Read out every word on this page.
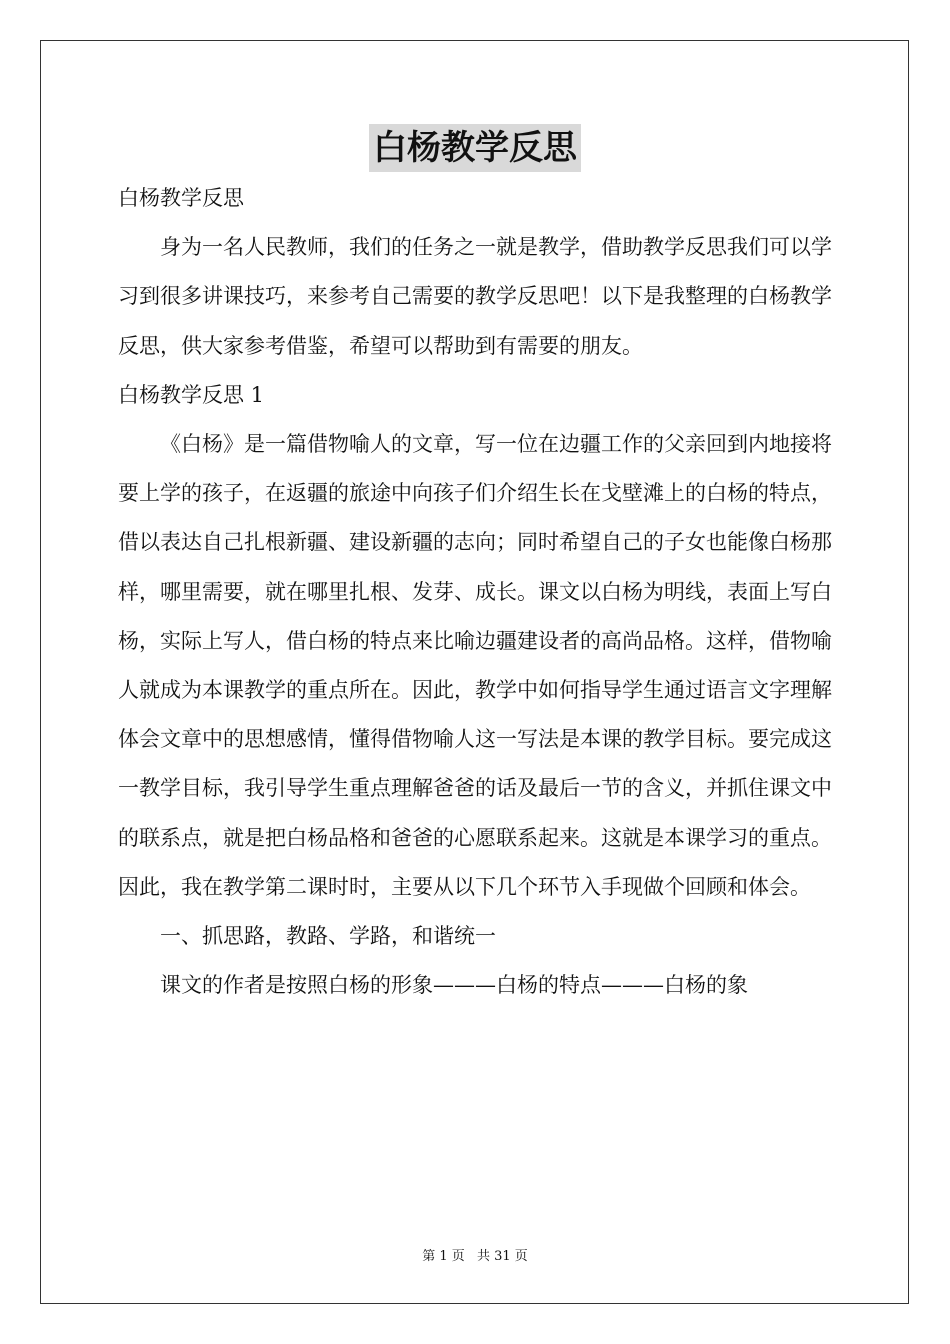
白杨教学反思

白杨教学反思

身为一名人民教师，我们的任务之一就是教学，借助教学反思我们可以学习到很多讲课技巧，来参考自己需要的教学反思吧！以下是我整理的白杨教学反思，供大家参考借鉴，希望可以帮助到有需要的朋友。

白杨教学反思 1

《白杨》是一篇借物喻人的文章，写一位在边疆工作的父亲回到内地接将要上学的孩子，在返疆的旅途中向孩子们介绍生长在戈壁滩上的白杨的特点，借以表达自己扎根新疆、建设新疆的志向；同时希望自己的子女也能像白杨那样，哪里需要，就在哪里扎根、发芽、成长。课文以白杨为明线，表面上写白杨，实际上写人，借白杨的特点来比喻边疆建设者的高尚品格。这样，借物喻人就成为本课教学的重点所在。因此，教学中如何指导学生通过语言文字理解体会文章中的思想感情，懂得借物喻人这一写法是本课的教学目标。要完成这一教学目标，我引导学生重点理解爸爸的话及最后一节的含义，并抓住课文中的联系点，就是把白杨品格和爸爸的心愿联系起来。这就是本课学习的重点。因此，我在教学第二课时时，主要从以下几个环节入手现做个回顾和体会。

一、抓思路，教路、学路，和谐统一

课文的作者是按照白杨的形象———白杨的特点———白杨的象

第 1 页 共 31 页
